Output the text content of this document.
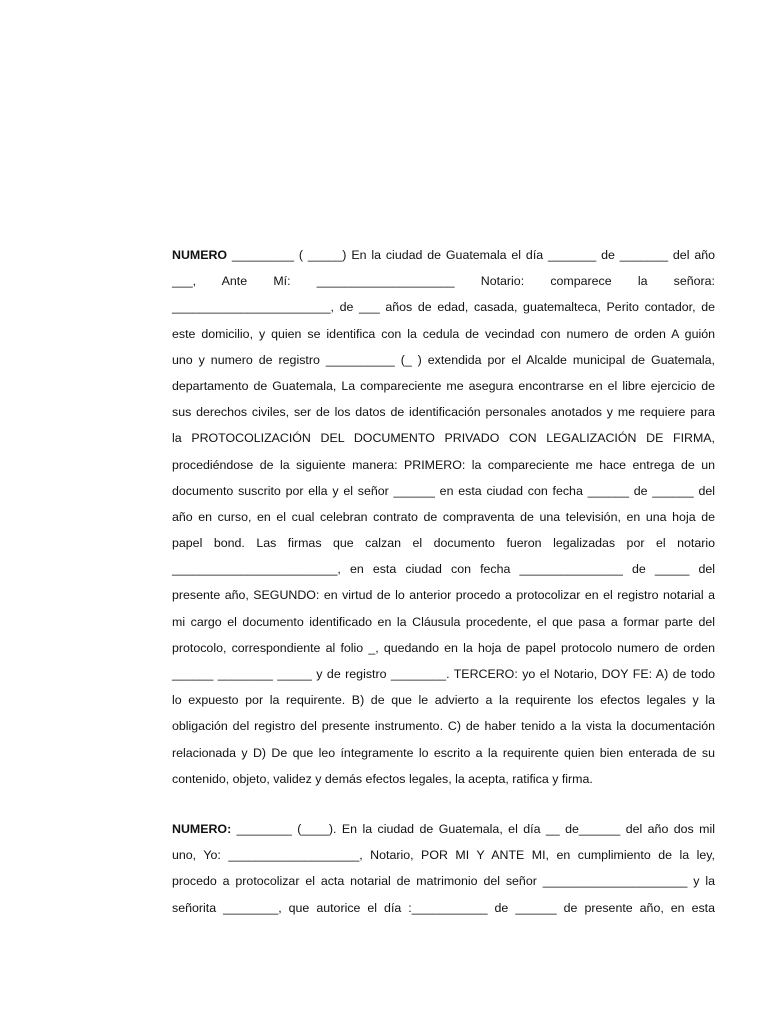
NUMERO _________ ( _____) En la ciudad de Guatemala el día _______ de _______ del año
___, Ante Mí: ____________________ Notario: comparece la señora:
_______________________, de ___ años de edad, casada, guatemalteca, Perito contador, de
este domicilio, y quien se identifica con la cedula de vecindad con numero de orden A guión
uno y numero de registro __________ (_ ) extendida por el Alcalde municipal de Guatemala,
departamento de Guatemala, La compareciente me asegura encontrarse en el libre ejercicio de
sus derechos civiles, ser de los datos de identificación personales anotados y me requiere para
la PROTOCOLIZACIÓN DEL DOCUMENTO PRIVADO CON LEGALIZACIÓN DE FIRMA,
procediéndose de la siguiente manera: PRIMERO: la compareciente me hace entrega de un
documento suscrito por ella y el señor ______ en esta ciudad con fecha ______ de ______ del
año en curso, en el cual celebran contrato de compraventa de una televisión, en una hoja de
papel bond. Las firmas que calzan el documento fueron legalizadas por el notario
________________________, en esta ciudad con fecha _______________ de _____ del
presente año, SEGUNDO: en virtud de lo anterior procedo a protocolizar en el registro notarial a
mi cargo el documento identificado en la Cláusula procedente, el que pasa a formar parte del
protocolo, correspondiente al folio _, quedando en la hoja de papel protocolo numero de orden
______ ________ _____ y de registro ________. TERCERO: yo el Notario, DOY FE: A) de todo
lo expuesto por la requirente. B) de que le advierto a la requirente los efectos legales y la
obligación del registro del presente instrumento. C) de haber tenido a la vista la documentación
relacionada y D) De que leo íntegramente lo escrito a la requirente quien bien enterada de su
contenido, objeto, validez y demás efectos legales, la acepta, ratifica y firma.
NUMERO: ________ (____). En la ciudad de Guatemala, el día __ de______ del año dos mil
uno, Yo: ___________________, Notario, POR MI Y ANTE MI, en cumplimiento de la ley,
procedo a protocolizar el acta notarial de matrimonio del señor _____________________ y la
señorita ________, que autorice el día :___________ de ______ de presente año, en esta
